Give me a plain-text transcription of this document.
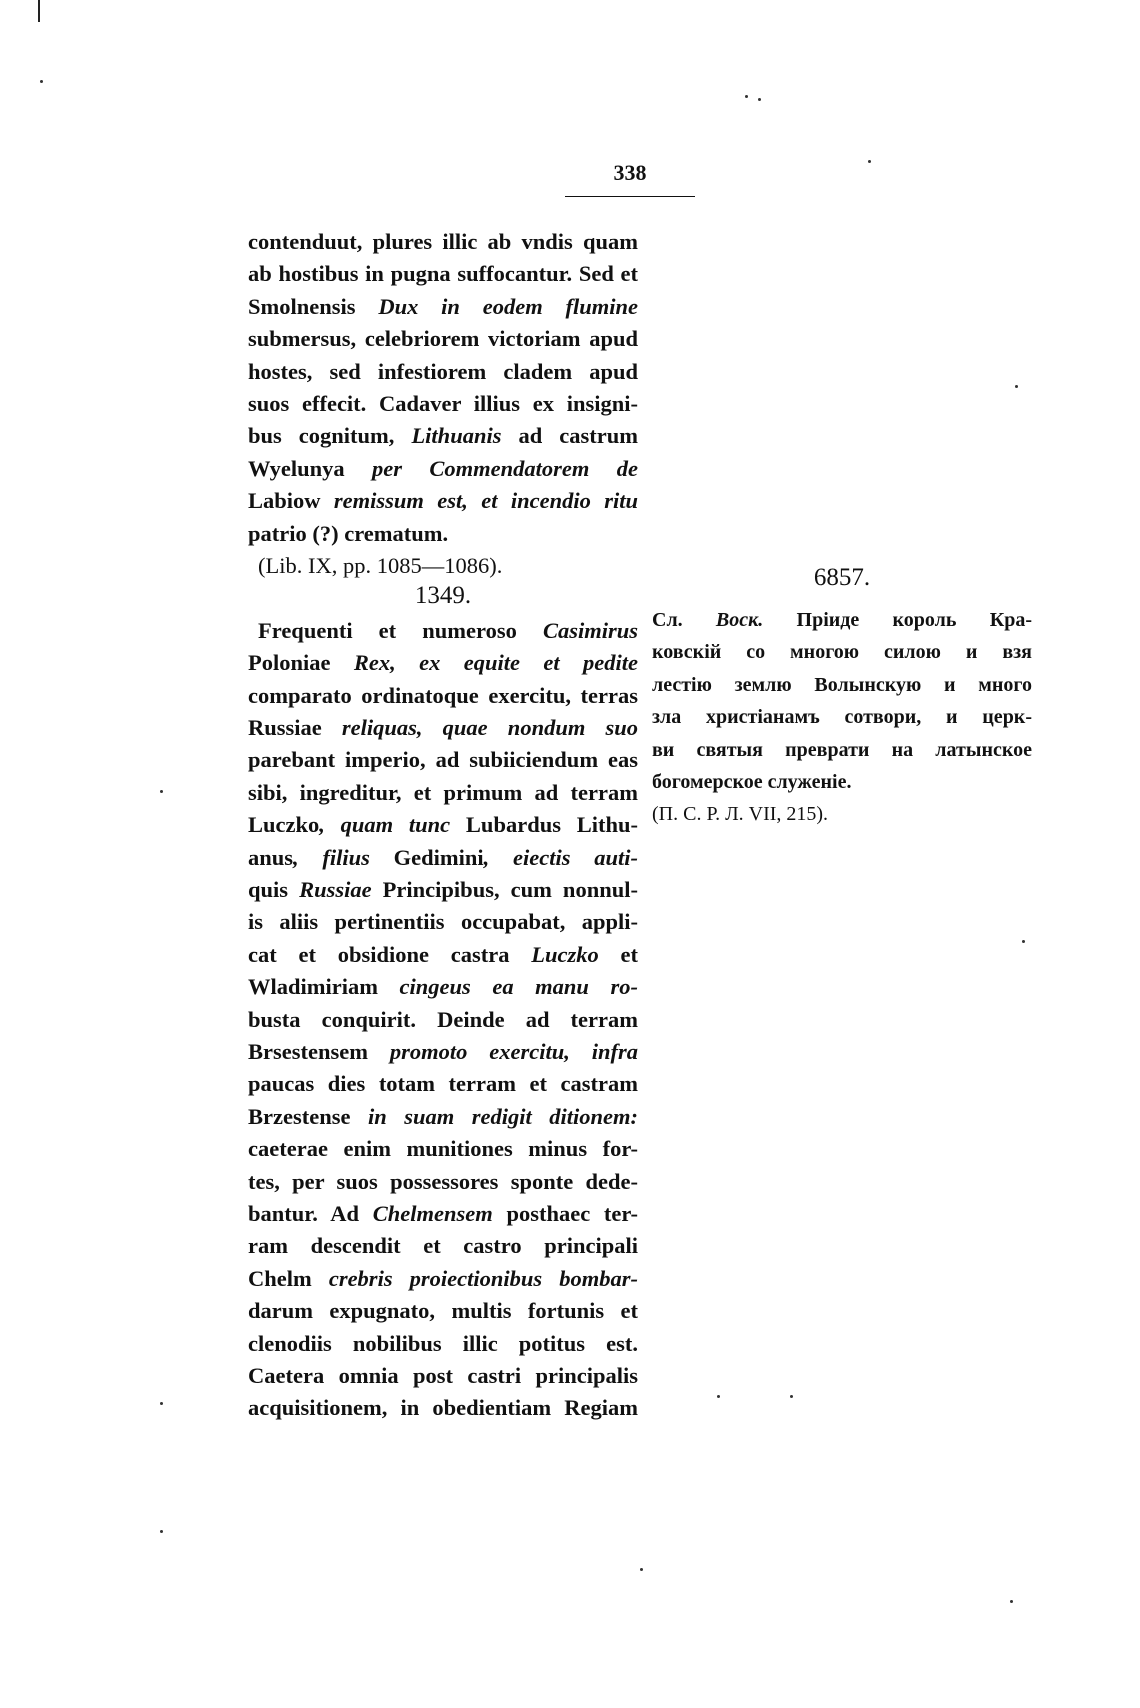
338
contenduut, plures illic ab vndis quam
ab hostibus in pugna suffocantur. Sed et
Smolnensis Dux in eodem flumine
submersus, celebriorem victoriam apud
hostes, sed infestiorem cladem apud
suos effecit. Cadaver illius ex insigni-
bus cognitum, Lithuanis ad castrum
Wyelunya per Commendatorem de
Labiow remissum est, et incendio ritu
patrio (?) crematum.
(Lib. IX, pp. 1085—1086).
1349.
Frequenti et numeroso Casimirus
Poloniae Rex, ex equite et pedite
comparato ordinatoque exercitu, terras
Russiae reliquas, quae nondum suo
parebant imperio, ad subiiciendum eas
sibi, ingreditur, et primum ad terram
Luczko, quam tunc Lubardus Lithu-
anus, filius Gedimini, eiectis auti-
quis Russiae Principibus, cum nonnul-
is aliis pertinentiis occupabat, appli-
cat et obsidione castra Luczko et
Wladimiriam cingeus ea manu ro-
busta conquirit. Deinde ad terram
Brsestensem promoto exercitu, infra
paucas dies totam terram et castram
Brzestense in suam redigit ditionem:
caeterae enim munitiones minus for-
tes, per suos possessores sponte dede-
bantur. Ad Chelmensem posthaec ter-
ram descendit et castro principali
Chelm crebris proiectionibus bombar-
darum expugnato, multis fortunis et
clenodiis nobilibus illic potitus est.
Caetera omnia post castri principalis
acquisitionem, in obedientiam Regiam
6857.
Сл. Воск. Прiиде король Кра-
ковскiй со многою силою и взя
лестiю землю Волынскую и много
зла христiанамъ сотвори, и церк-
ви святыя преврати на латынское
богомерское служенiе.
(П. С. Р. Л. VII, 215).
